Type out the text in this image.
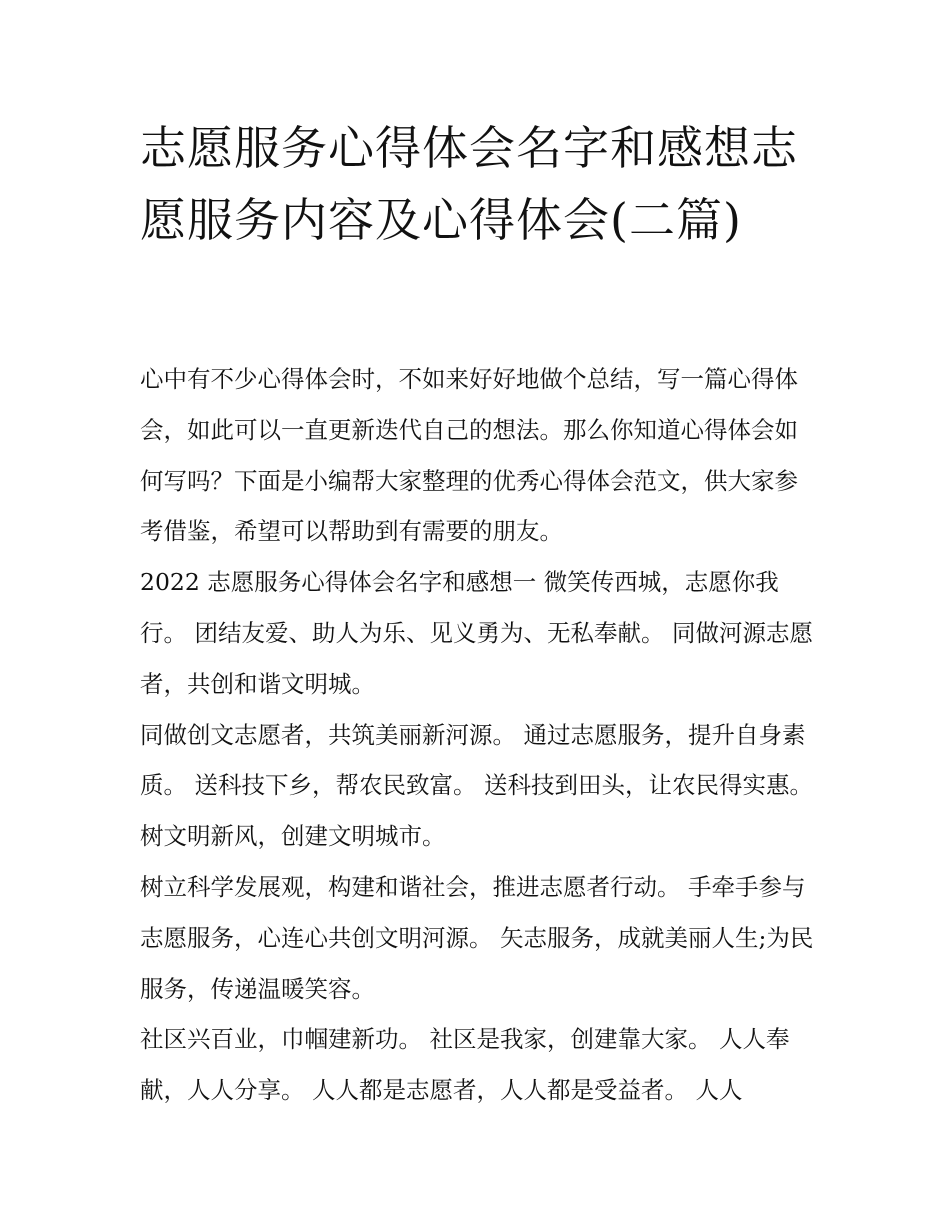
志愿服务心得体会名字和感想志愿服务内容及心得体会(二篇)

心中有不少心得体会时，不如来好好地做个总结，写一篇心得体会，如此可以一直更新迭代自己的想法。那么你知道心得体会如何写吗？下面是小编帮大家整理的优秀心得体会范文，供大家参考借鉴，希望可以帮助到有需要的朋友。

2022 志愿服务心得体会名字和感想一 微笑传西城，志愿你我行。 团结友爱、助人为乐、见义勇为、无私奉献。 同做河源志愿者，共创和谐文明城。

同做创文志愿者，共筑美丽新河源。 通过志愿服务，提升自身素质。 送科技下乡，帮农民致富。 送科技到田头，让农民得实惠。 树文明新风，创建文明城市。

树立科学发展观，构建和谐社会，推进志愿者行动。 手牵手参与志愿服务，心连心共创文明河源。 矢志服务，成就美丽人生;为民服务，传递温暖笑容。

社区兴百业，巾帼建新功。 社区是我家，创建靠大家。 人人奉献，人人分享。 人人都是志愿者，人人都是受益者。 人人
